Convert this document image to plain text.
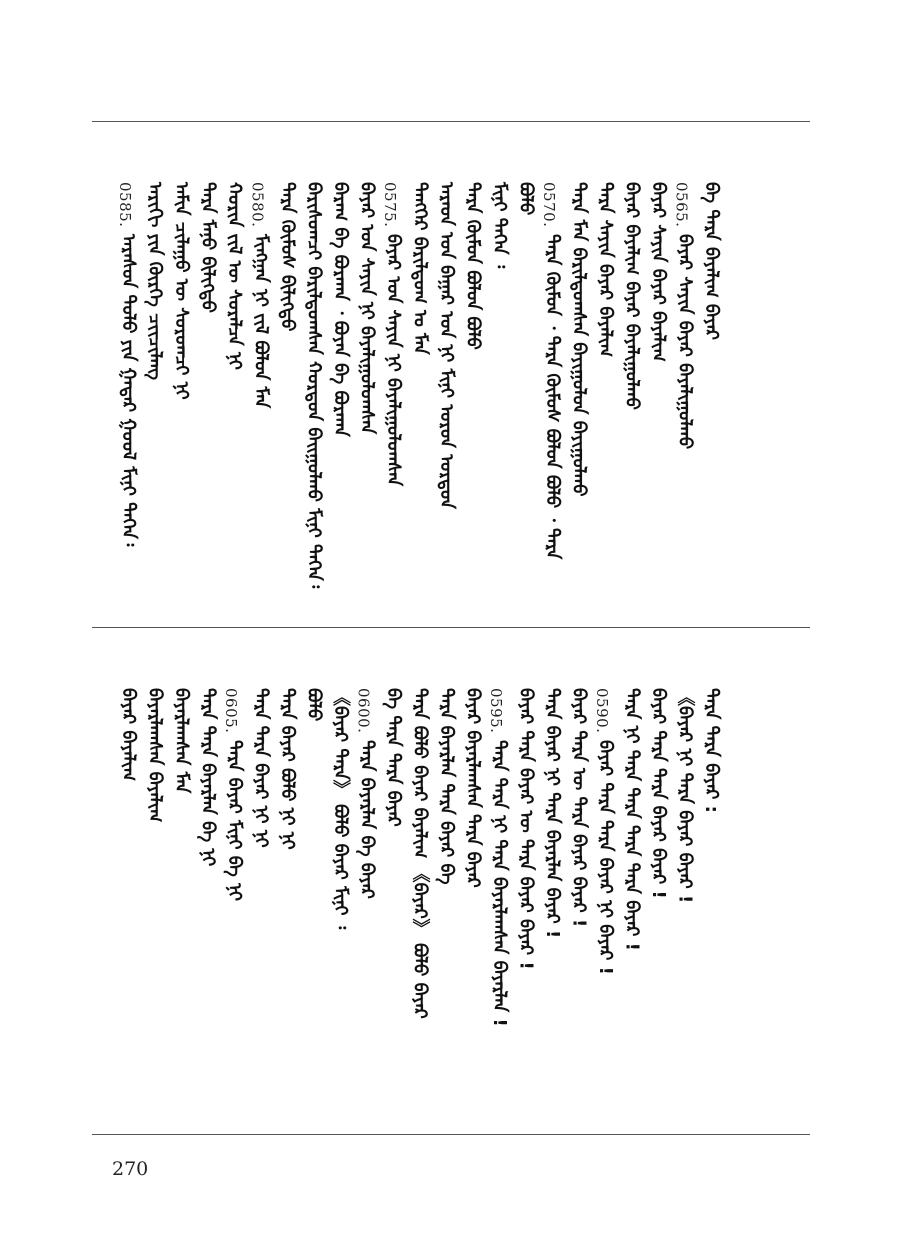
0585.
ᠠᠷᠠᠰᠤᠨ ᠳᠤᠯᠤ ᠶᠢᠨ ᠭᠠᠳᠠᠷ ᠭᠣᠣᠯ ᠮᠢᠨᠢ ᠳᠡᠭᠡᠨ᠄ ᠠᠷᠢᠬᠢ ᠶᠢᠨ ᠬᠦᠷᠬᠡ ᠴᠢᠢᠴᠢᠯᠡᠩ ᠠᠮᠢᠨ ᠴᠢᠯᠠᠭᠤ ᠦ ᠰᠤᠷᠤᠭᠴᠢ ᠨᠢ ᠲᠡᠷᠡ ᠮᠠᠨᠤ ᠪᠢᠯᠢᠭᠲᠦ ᠬᠣᠷᠢᠨ ᠵᠢᠯ ᠦ ᠰᠤᠷᠠᠯᠴᠠ ᠨᠢ 0580.
ᠮᠢᠩᠭᠠᠨ ᠨᠢ ᠵᠢᠯ ᠪᠣᠯᠤᠨ ᠮᠠᠨ ᠲᠡᠷᠡ ᠬᠦᠮᠦᠰ ᠪᠢᠯᠢᠭᠲᠦ ᠪᠠᠷᠢᠰᠤᠭᠴᠢ ᠪᠠᠷᠢᠯᠳᠤᠭᠰᠠᠨ ᠬᠤᠷᠳᠤᠨ ᠪᠠᠢᠭᠤᠯᠬᠤ ᠮᠢᠨᠢ ᠳᠡᠭᠡᠨ᠄ ᠪᠠᠷᠠᠭ ᠪᠠ ᠪᠤᠷᠬᠠᠨ ᠂ ᠪᠤᠶᠠᠨ ᠪᠠ ᠪᠤᠷᠬᠠᠨ ᠪᠠᠶᠠᠷ ᠤᠨ ᠰᠠᠶᠢᠨ ᠨᠢ ᠪᠠᠶᠠᠯᠢᠭᠤᠯᠤᠭᠰᠠᠨ 0575.
ᠪᠠᠶᠠᠷ ᠤᠨ ᠰᠠᠶᠢᠨ ᠨᠢ ᠪᠠᠶᠠᠯᠢᠭᠤᠯᠤᠭᠰᠠᠨ ᠲᠡᠩᠭᠡᠷ ᠪᠠᠷᠢᠯᠳᠤᠭ ᠤ ᠮᠠᠨ ᠠᠷᠠᠳ ᠤᠨ ᠪᠠᠭᠠᠷ ᠤᠨ ᠨᠢ ᠮᠢᠨᠢ ᠣᠷᠣᠨ ᠣᠷᠳᠣᠨ ᠲᠡᠷᠡ ᠬᠦᠮᠦᠨ ᠪᠣᠯᠤᠨ ᠪᠣᠯᠤ ᠮᠢᠨᠢ ᠳᠡᠭᠡᠨ ᠄ ᠪᠣᠯᠤ 0570.
ᠲᠡᠷᠡ ᠬᠦᠮᠦᠨ ᠂ ᠲᠡᠷᠡ ᠬᠦᠮᠦᠰ ᠪᠣᠯᠤᠨ ᠪᠣᠯᠤ ᠂ ᠲᠡᠷᠡ ᠲᠡᠷᠡ ᠮᠠᠨ ᠪᠠᠷᠢᠯᠳᠤᠭᠰᠠᠨ ᠪᠠᠶᠢᠭᠤᠯᠤᠨ ᠪᠠᠶᠢᠭᠤᠯᠬᠤ ᠲᠡᠷᠡ ᠰᠠᠶᠢᠨ ᠪᠠᠶᠠᠷ ᠪᠠᠶᠠᠯᠢᠭ ᠪᠠᠶᠠᠷ ᠪᠠᠶᠠᠯᠢᠭ ᠪᠠᠶᠠᠷ ᠪᠠᠶᠠᠯᠢᠭᠤᠯᠬᠤ ᠪᠠᠶᠠᠷ ᠰᠠᠶᠢᠨ ᠪᠠᠶᠠᠷ ᠪᠠᠶᠠᠯᠢᠭ 0565.
ᠪᠠᠶᠠᠷ ᠰᠠᠶᠢᠨ ᠪᠠᠶᠠᠷ ᠪᠠᠶᠠᠯᠢᠭᠤᠯᠬᠤ ᠪᠠ ᠲᠡᠷᠡ ᠪᠠᠶᠠᠯᠢᠭ ᠪᠠᠶᠠᠷ
ᠪᠠᠶᠠᠷ ᠪᠠᠶᠠᠯᠢᠭ ᠪᠠᠶᠠᠷᠯᠠᠭᠰᠠᠨ ᠪᠠᠶᠠᠯᠢᠭ ᠪᠠᠶᠠᠷᠯᠠᠭᠰᠠᠨ ᠮᠠᠨ ᠲᠡᠷᠡ ᠲᠡᠷᠡ ᠪᠠᠶᠠᠷᠯᠠᠨ ᠪᠠ ᠨᠢ 0605.
ᠲᠡᠷᠡ ᠪᠠᠶᠠᠷ ᠮᠢᠨᠢ ᠪᠠ ᠨᠢ ᠲᠡᠷᠡ ᠲᠡᠷᠡ ᠪᠠᠶᠠᠷ ᠨᠢ ᠨᠢ ᠲᠡᠷᠡ ᠪᠠᠶᠠᠷ ᠪᠣᠯᠤ ᠨᠢ ᠨᠢ ᠪᠣᠯᠤ 《ᠪᠠᠶᠠᠷ ᠲᠡᠷᠡ》 ᠪᠣᠯᠤ ᠪᠠᠶᠠᠷ ᠮᠢᠨᠢ ᠄ 0600.
ᠲᠡᠷᠡ ᠪᠠᠶᠠᠷᠯᠠᠨ ᠪᠠ ᠪᠠᠶᠠᠷ ᠪᠠ ᠲᠡᠷᠡ ᠲᠡᠷᠡ ᠪᠠᠶᠠᠷ ᠲᠡᠷᠡ ᠪᠣᠯᠤ ᠪᠠᠶᠠᠷ ᠪᠠᠶᠠᠯᠢᠭ 《ᠪᠠᠶᠠᠷ》 ᠪᠣᠯᠤ ᠪᠠᠶᠠᠷ ᠲᠡᠷᠡ ᠪᠠᠶᠠᠷᠯᠠᠨ ᠲᠡᠷᠡ ᠪᠠᠶᠠᠷ ᠪᠠ ᠪᠠᠶᠠᠷ ᠪᠠᠶᠠᠷᠯᠠᠭᠰᠠᠨ ᠲᠡᠷᠡ ᠪᠠᠶᠠᠷ 0595.
ᠲᠡᠷᠡ ᠲᠡᠷᠡ ᠨᠢ ᠲᠡᠷᠡ ᠪᠠᠶᠠᠷᠯᠠᠭᠰᠠᠨ ᠪᠠᠶᠠᠷᠯᠠᠨ ! ᠪᠠᠶᠠᠷ ᠲᠡᠷᠡ ᠪᠠᠶᠠᠷ ᠦ ᠲᠡᠷᠡ ᠪᠠᠶᠠᠷ ᠪᠠᠶᠠᠷ ! ᠲᠡᠷᠡ ᠪᠠᠶᠠᠷ ᠨᠢ ᠲᠡᠷᠡ ᠪᠠᠶᠠᠷᠯᠠᠨ ᠪᠠᠶᠠᠷ ! ᠪᠠᠶᠠᠷ ᠲᠡᠷᠡ ᠦ ᠲᠡᠷᠡ ᠪᠠᠶᠠᠷ ᠪᠠᠶᠠᠷ ! 0590.
ᠪᠠᠶᠠᠷ ᠲᠡᠷᠡ ᠲᠡᠷᠡ ᠪᠠᠶᠠᠷ ᠨᠢ ᠪᠠᠶᠠᠷ ! ᠲᠡᠷᠡ ᠨᠢ ᠲᠡᠷᠡ ᠲᠡᠷᠡ ᠲᠡᠷᠡ ᠲᠡᠷᠡ ᠪᠠᠶᠠᠷ ! ᠪᠠᠶᠠᠷ ᠲᠡᠷᠡ ᠲᠡᠷᠡ ᠪᠠᠶᠠᠷ ᠪᠠᠶᠠᠷ ! 《ᠪᠠᠶᠠᠷ ᠨᠢ ᠲᠡᠷᠡ ᠪᠠᠶᠠᠷ ᠪᠠᠶᠠᠷ ! ᠲᠡᠷᠡ ᠲᠡᠷᠡ ᠪᠠᠶᠠᠷ :
270
